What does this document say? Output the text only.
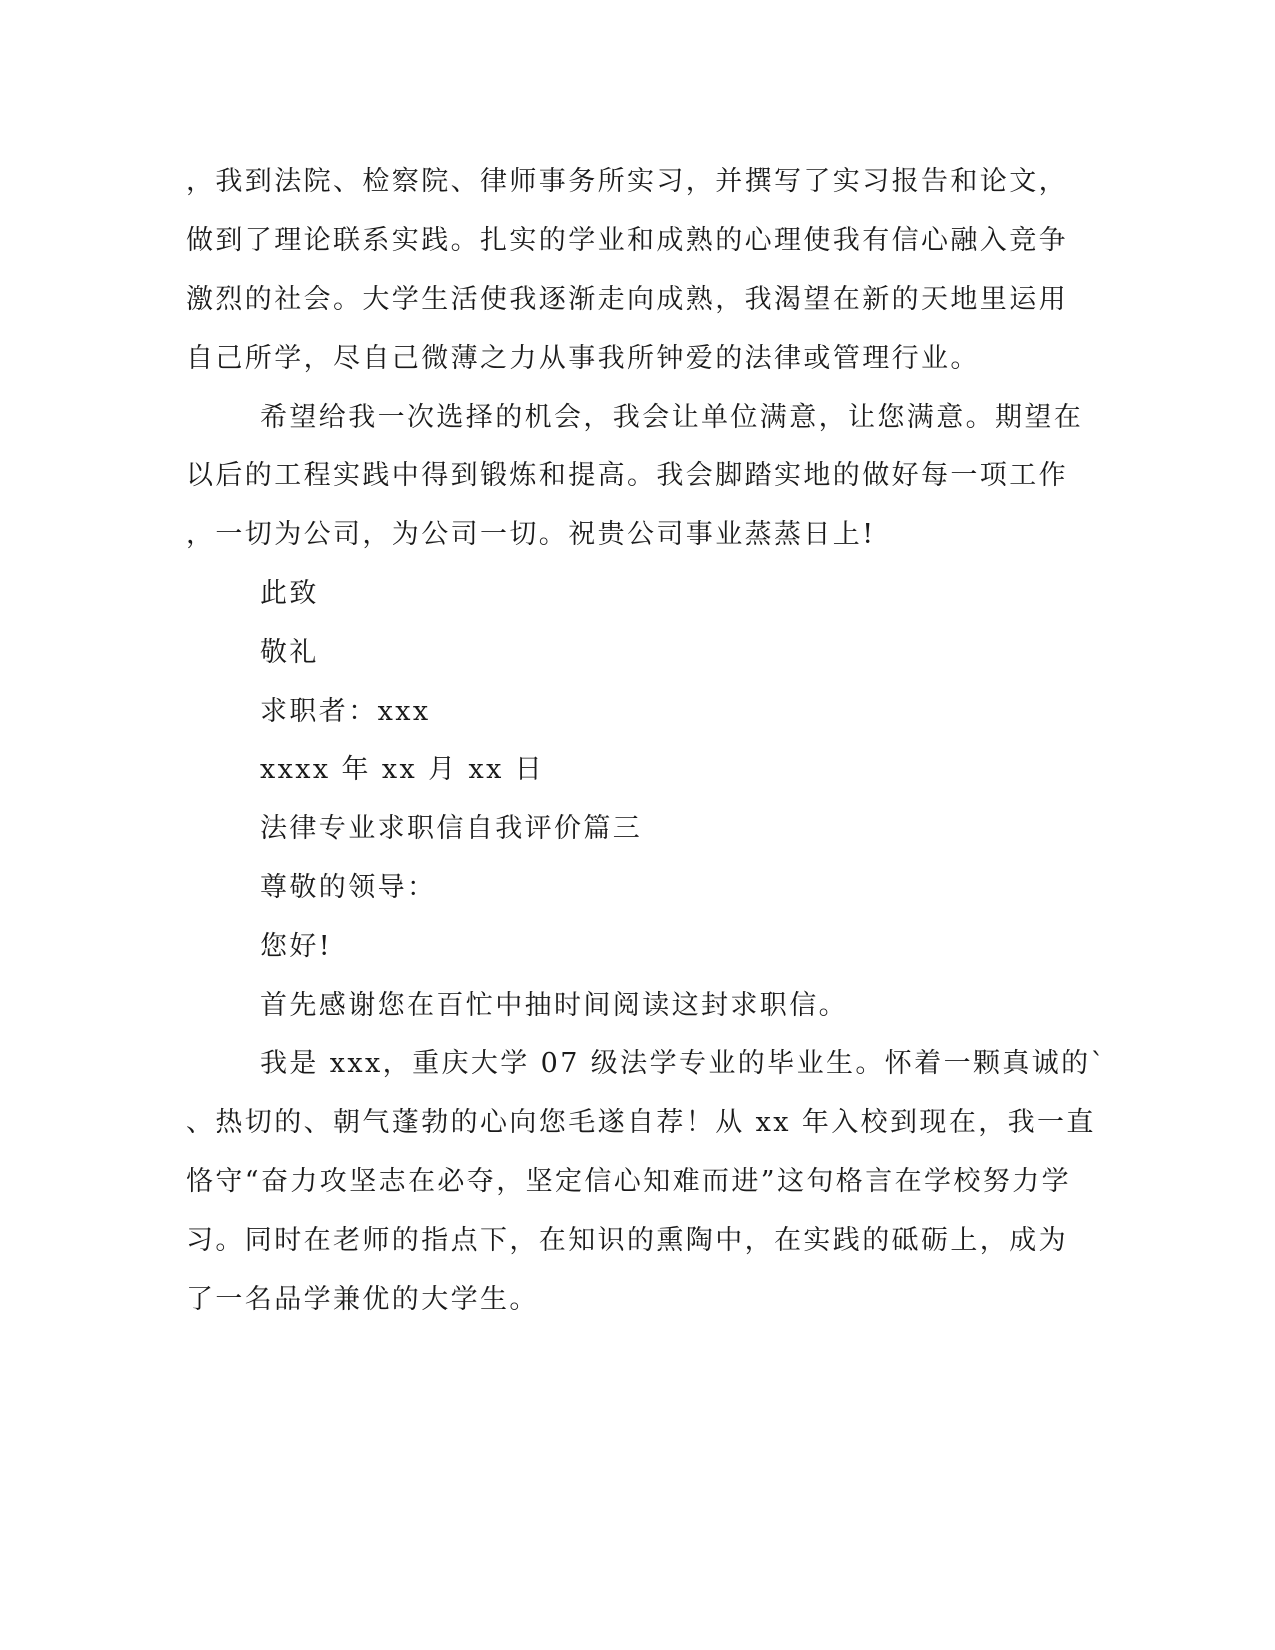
，我到法院、检察院、律师事务所实习，并撰写了实习报告和论文，
做到了理论联系实践。扎实的学业和成熟的心理使我有信心融入竞争
激烈的社会。大学生活使我逐渐走向成熟，我渴望在新的天地里运用
自己所学，尽自己微薄之力从事我所钟爱的法律或管理行业。
希望给我一次选择的机会，我会让单位满意，让您满意。期望在
以后的工程实践中得到锻炼和提高。我会脚踏实地的做好每一项工作
，一切为公司，为公司一切。祝贵公司事业蒸蒸日上!
此致
敬礼
求职者：xxx
xxxx 年 xx 月 xx 日
法律专业求职信自我评价篇三
尊敬的领导：
您好!
首先感谢您在百忙中抽时间阅读这封求职信。
我是 xxx，重庆大学 07 级法学专业的毕业生。怀着一颗真诚的`
、热切的、朝气蓬勃的心向您毛遂自荐！从 xx 年入校到现在，我一直
恪守“奋力攻坚志在必夺，坚定信心知难而进”这句格言在学校努力学
习。同时在老师的指点下，在知识的熏陶中，在实践的砥砺上，成为
了一名品学兼优的大学生。
